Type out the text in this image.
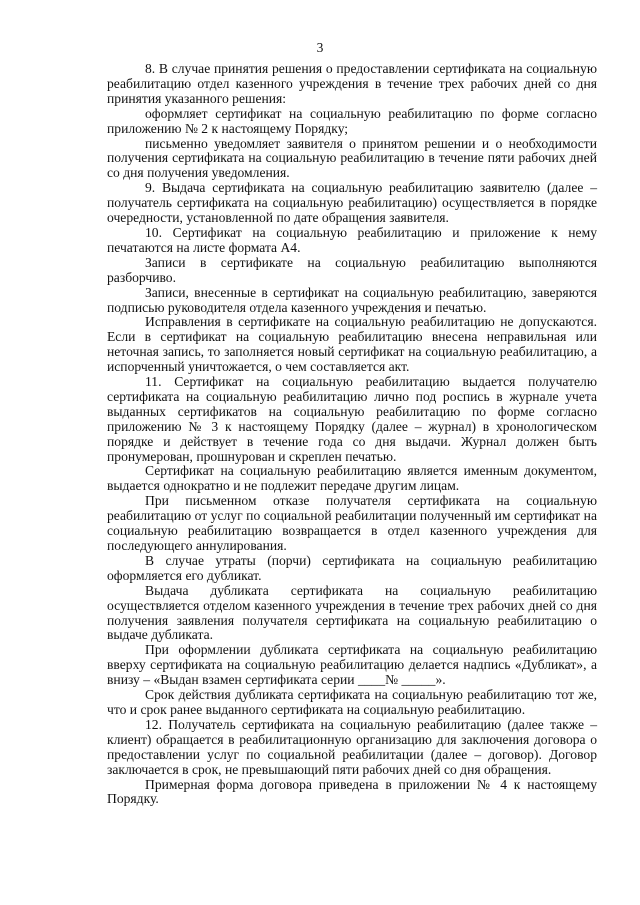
3

8. В случае принятия решения о предоставлении сертификата на социальную реабилитацию отдел казенного учреждения в течение трех рабочих дней со дня принятия указанного решения:

оформляет сертификат на социальную реабилитацию по форме согласно приложению № 2 к настоящему Порядку;

письменно уведомляет заявителя о принятом решении и о необходимости получения сертификата на социальную реабилитацию в течение пяти рабочих дней со дня получения уведомления.

9. Выдача сертификата на социальную реабилитацию заявителю (далее – получатель сертификата на социальную реабилитацию) осуществляется в порядке очередности, установленной по дате обращения заявителя.

10. Сертификат на социальную реабилитацию и приложение к нему печатаются на листе формата А4.

Записи в сертификате на социальную реабилитацию выполняются разборчиво.

Записи, внесенные в сертификат на социальную реабилитацию, заверяются подписью руководителя отдела казенного учреждения и печатью.

Исправления в сертификате на социальную реабилитацию не допускаются. Если в сертификат на социальную реабилитацию внесена неправильная или неточная запись, то заполняется новый сертификат на социальную реабилитацию, а испорченный уничтожается, о чем составляется акт.

11. Сертификат на социальную реабилитацию выдается получателю сертификата на социальную реабилитацию лично под роспись в журнале учета выданных сертификатов на социальную реабилитацию по форме согласно приложению № 3 к настоящему Порядку (далее – журнал) в хронологическом порядке и действует в течение года со дня выдачи. Журнал должен быть пронумерован, прошнурован и скреплен печатью.

Сертификат на социальную реабилитацию является именным документом, выдается однократно и не подлежит передаче другим лицам.

При письменном отказе получателя сертификата на социальную реабилитацию от услуг по социальной реабилитации полученный им сертификат на социальную реабилитацию возвращается в отдел казенного учреждения для последующего аннулирования.

В случае утраты (порчи) сертификата на социальную реабилитацию оформляется его дубликат.

Выдача дубликата сертификата на социальную реабилитацию осуществляется отделом казенного учреждения в течение трех рабочих дней со дня получения заявления получателя сертификата на социальную реабилитацию о выдаче дубликата.

При оформлении дубликата сертификата на социальную реабилитацию вверху сертификата на социальную реабилитацию делается надпись «Дубликат», а внизу – «Выдан взамен сертификата серии ____№ _____».

Срок действия дубликата сертификата на социальную реабилитацию тот же, что и срок ранее выданного сертификата на социальную реабилитацию.

12. Получатель сертификата на социальную реабилитацию (далее также – клиент) обращается в реабилитационную организацию для заключения договора о предоставлении услуг по социальной реабилитации (далее – договор). Договор заключается в срок, не превышающий пяти рабочих дней со дня обращения.

Примерная форма договора приведена в приложении № 4 к настоящему Порядку.
